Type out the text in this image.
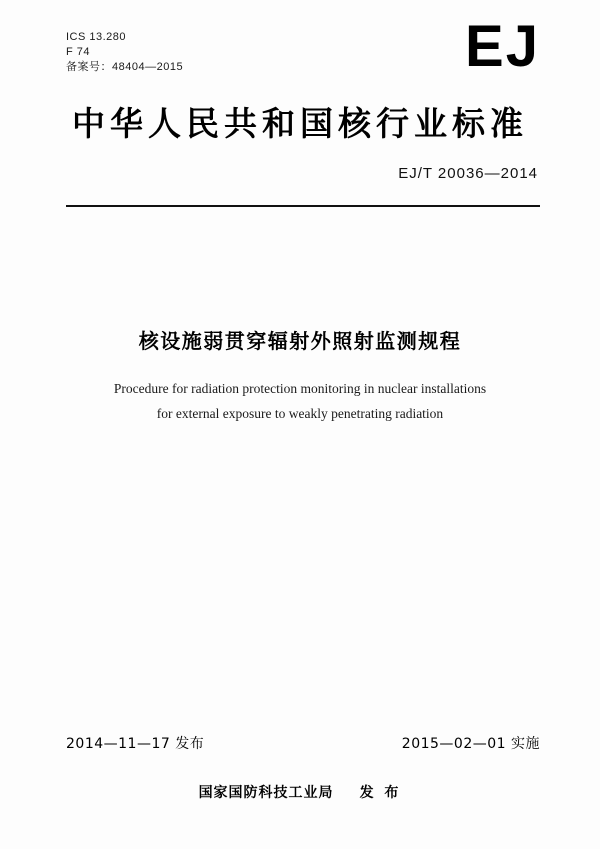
ICS 13.280
F 74
备案号：48404—2015	EJ
中华人民共和国核行业标准
EJ/T 20036—2014
核设施弱贯穿辐射外照射监测规程
Procedure for radiation protection monitoring in nuclear installations
for external exposure to weakly penetrating radiation
2014—11—17 发布	2015—02—01 实施
国家国防科技工业局 发 布
